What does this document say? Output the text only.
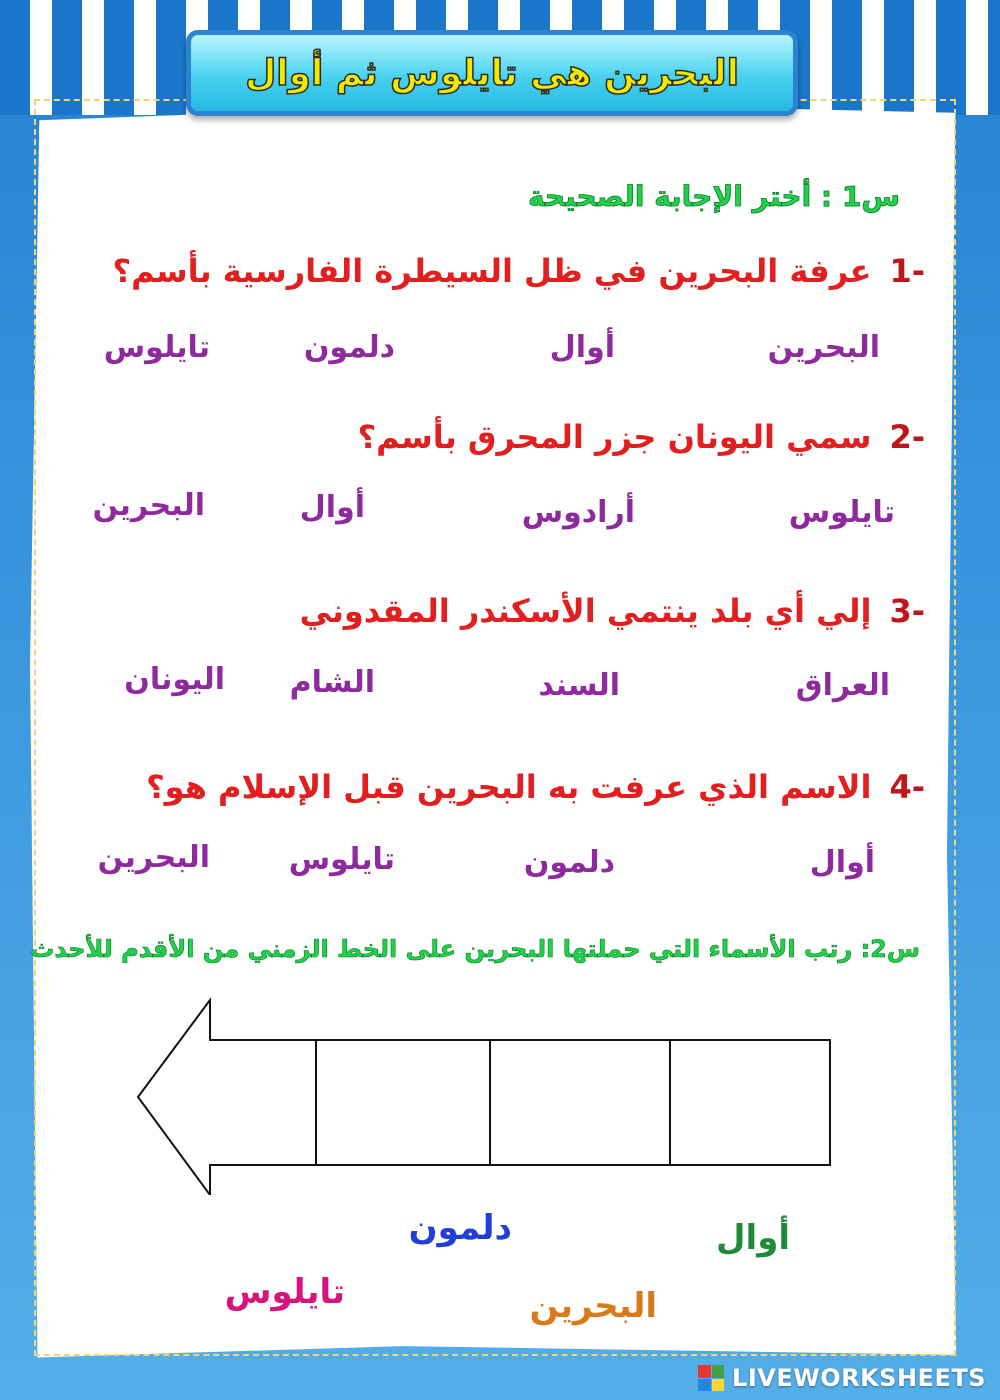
البحرين هي تايلوس ثم أوال
س1 : أختر الإجابة الصحيحة
-1عرفة البحرين في ظل السيطرة الفارسية بأسم؟
البحرين
أوال
دلمون
تايلوس
-2سمي اليونان جزر المحرق بأسم؟
تايلوس
أرادوس
أوال
البحرين
-3إلي أي بلد ينتمي الأسكندر المقدوني
العراق
السند
الشام
اليونان
-4الاسم الذي عرفت به البحرين قبل الإسلام هو؟
أوال
دلمون
تايلوس
البحرين
س2: رتب الأسماء التي حملتها البحرين على الخط الزمني من الأقدم للأحدث
دلمون	أوال
تايلوس	البحرين
LIVEWORKSHEETS
